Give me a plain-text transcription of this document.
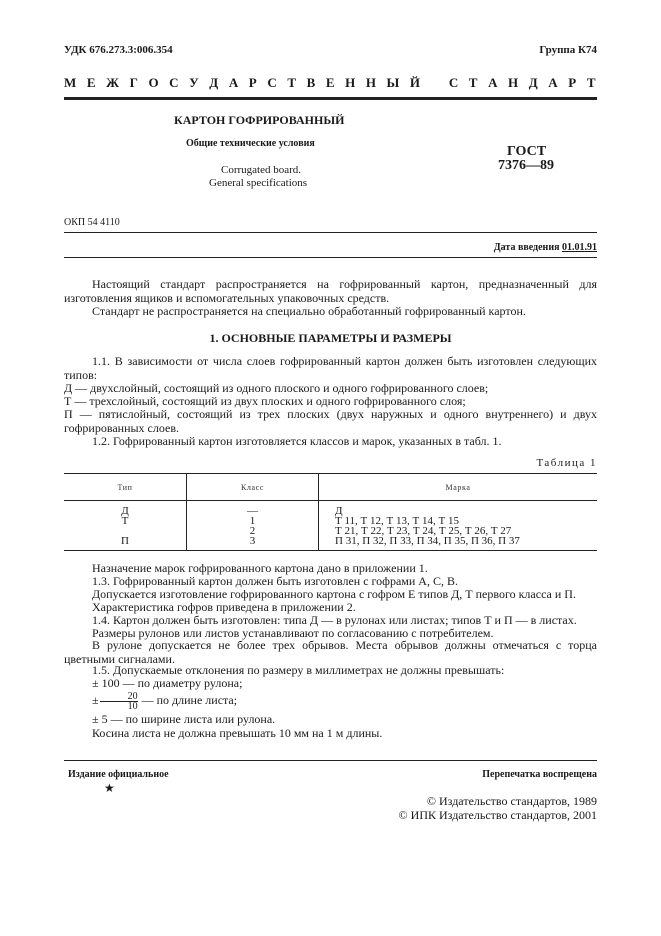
УДК 676.273.3:006.354	Группа К74
М Е Ж Г О С У Д А Р С Т В Е Н Н Ы Й   С Т А Н Д А Р Т
КАРТОН ГОФРИРОВАННЫЙ
Общие технические условия
Corrugated board.
General specifications
ГОСТ
7376—89
ОКП 54 4110
Дата введения 01.01.91
Настоящий стандарт распространяется на гофрированный картон, предназначенный для изготовления ящиков и вспомогательных упаковочных средств.
Стандарт не распространяется на специально обработанный гофрированный картон.
1. ОСНОВНЫЕ ПАРАМЕТРЫ И РАЗМЕРЫ
1.1. В зависимости от числа слоев гофрированный картон должен быть изготовлен следующих типов:
Д — двухслойный, состоящий из одного плоского и одного гофрированного слоев;
Т — трехслойный, состоящий из двух плоских и одного гофрированного слоя;
П — пятислойный, состоящий из трех плоских (двух наружных и одного внутреннего) и двух гофрированных слоев.
1.2. Гофрированный картон изготовляется классов и марок, указанных в табл. 1.
Таблица 1
Тип	Класс	Марка
Д	—	Д
Т	1	Т 11, Т 12, Т 13, Т 14, Т 15
	2	Т 21, Т 22, Т 23, Т 24, Т 25, Т 26, Т 27
П	3	П 31, П 32, П 33, П 34, П 35, П 36, П 37
Назначение марок гофрированного картона дано в приложении 1.
1.3. Гофрированный картон должен быть изготовлен с гофрами А, С, В.
Допускается изготовление гофрированного картона с гофром Е типов Д, Т первого класса и П.
Характеристика гофров приведена в приложении 2.
1.4. Картон должен быть изготовлен: типа Д — в рулонах или листах; типов Т и П — в листах.
Размеры рулонов или листов устанавливают по согласованию с потребителем.
В рулоне допускается не более трех обрывов. Места обрывов должны отмечаться с торца цветными сигналами.
1.5. Допускаемые отклонения по размеру в миллиметрах не должны превышать:
± 100 — по диаметру рулона;
± $\frac{20}{10}$ — по длине листа;
± 5 — по ширине листа или рулона.
Косина листа не должна превышать 10 мм на 1 м длины.
Издание официальное
★
Перепечатка воспрещена
© Издательство стандартов, 1989
© ИПК Издательство стандартов, 2001
